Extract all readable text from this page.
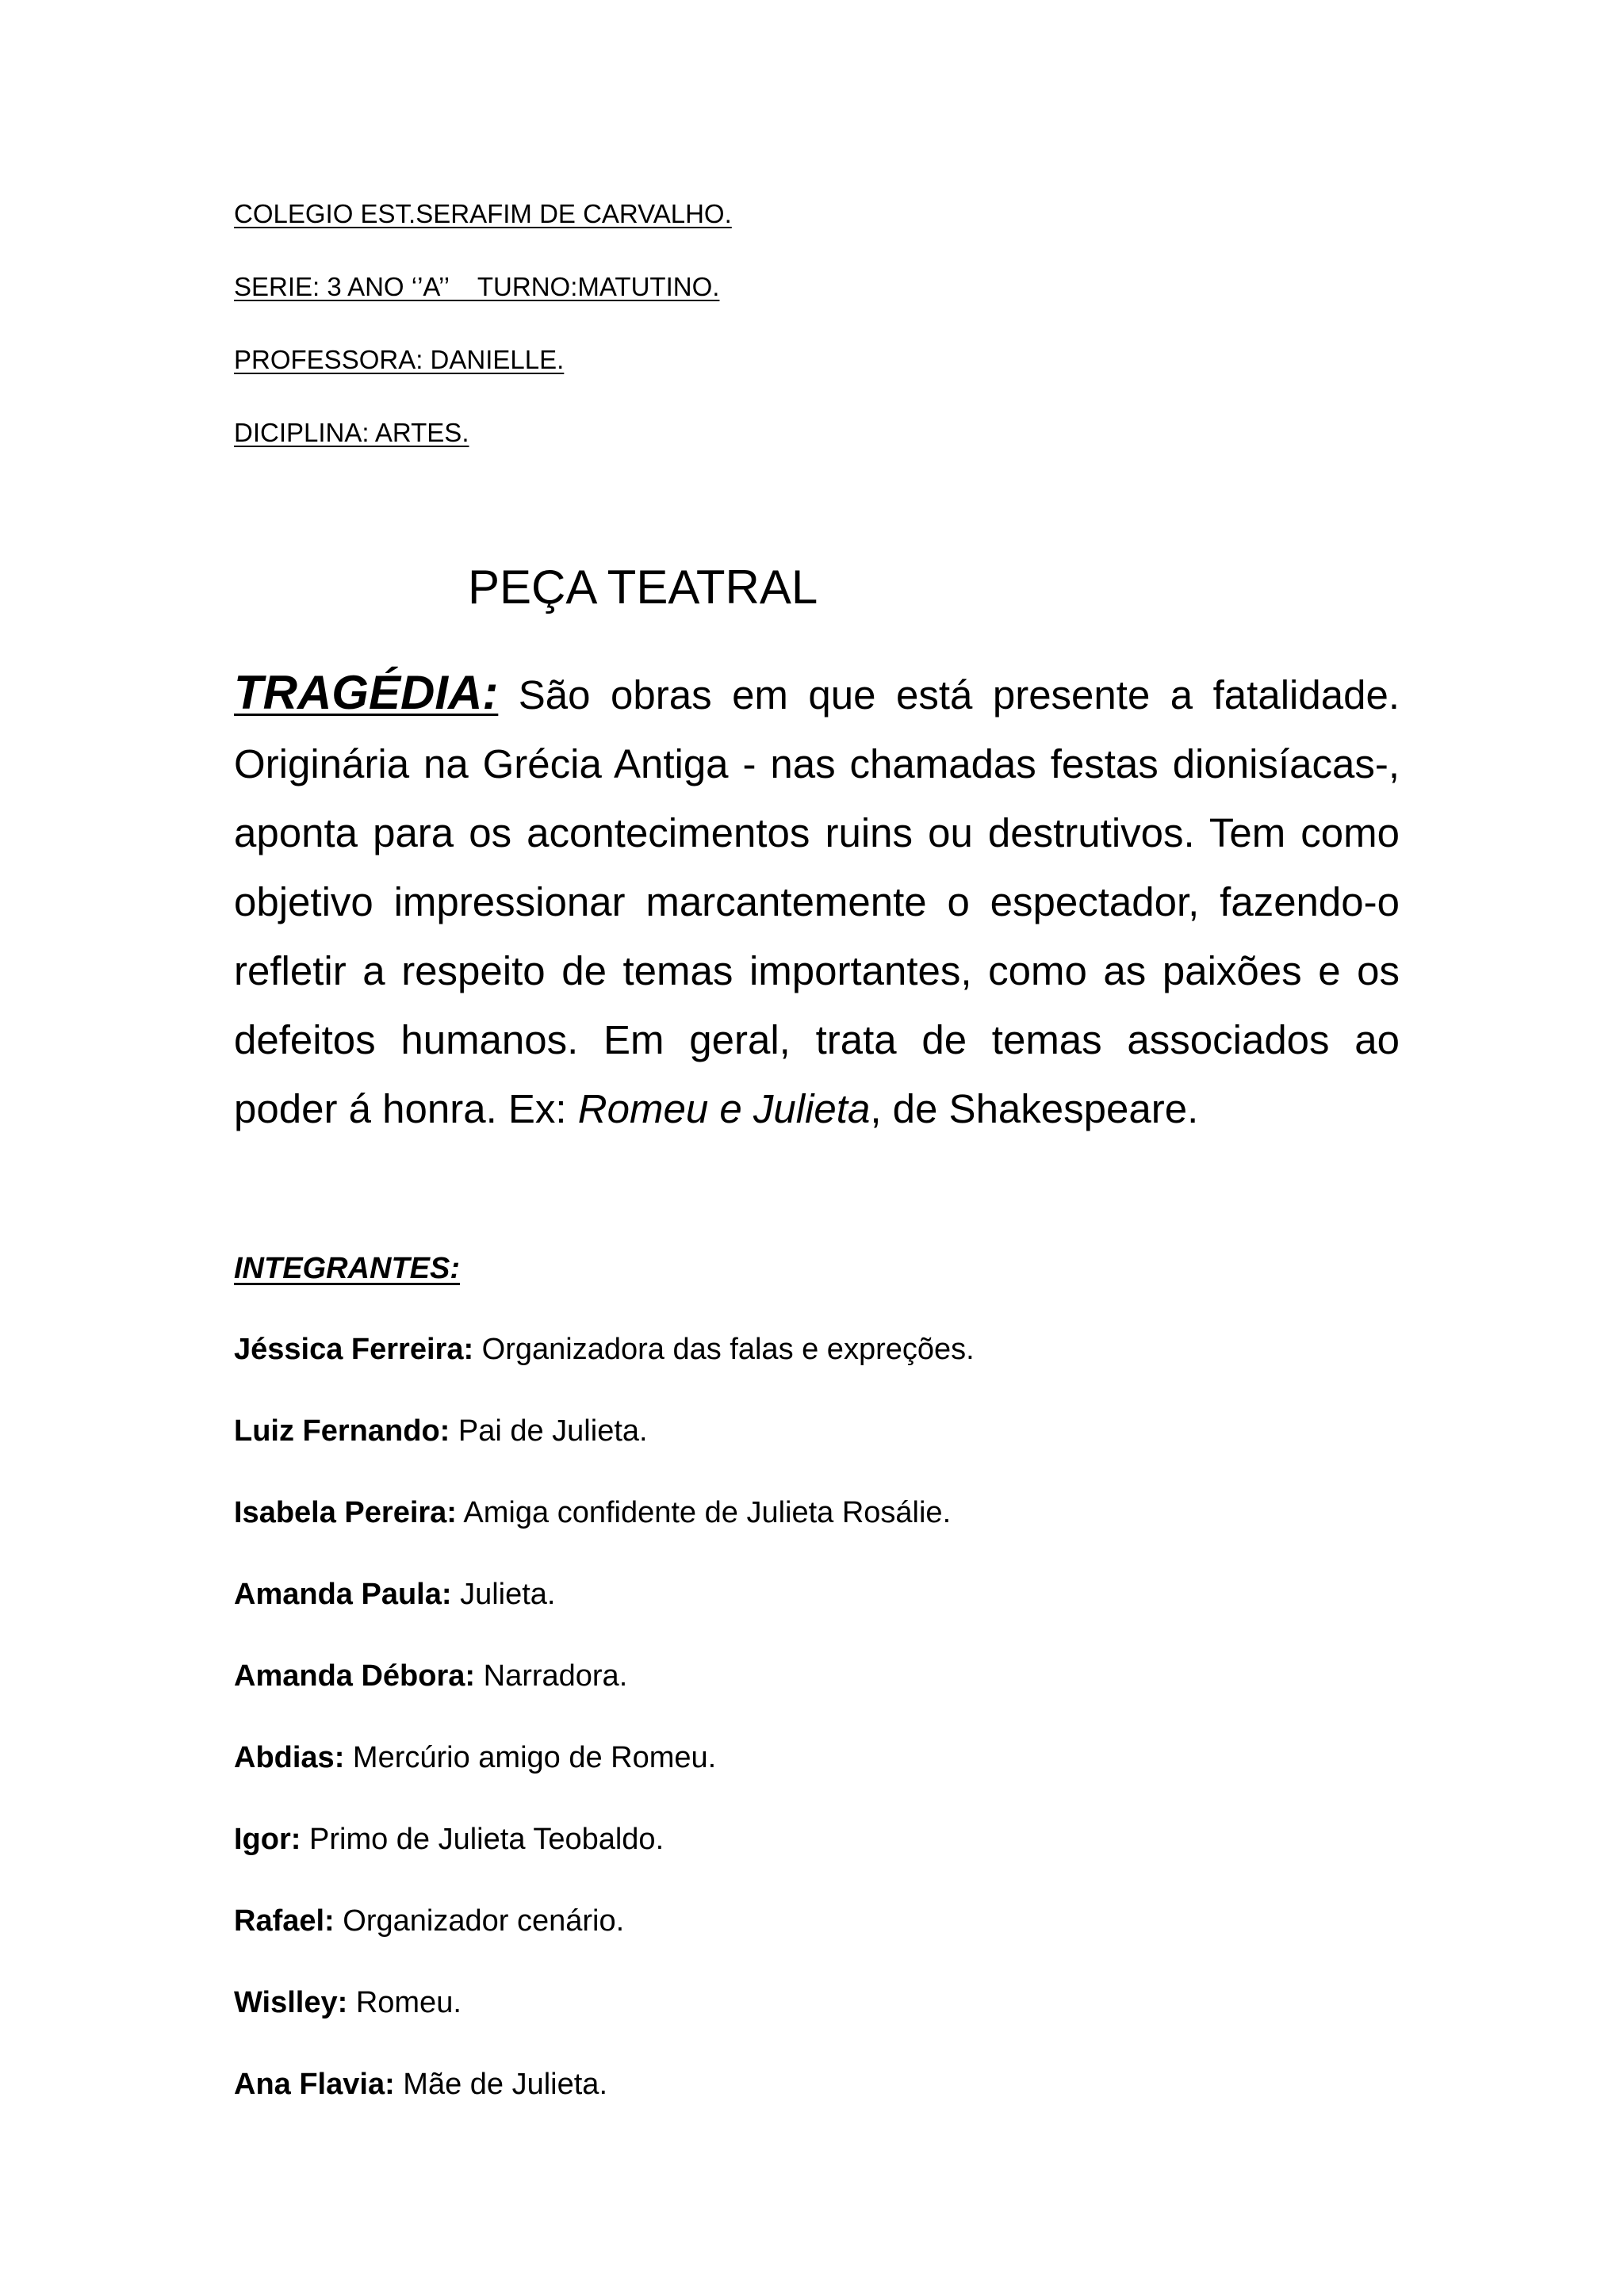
COLEGIO EST.SERAFIM DE CARVALHO.
SERIE: 3 ANO ‘’A’’    TURNO:MATUTINO.
PROFESSORA: DANIELLE.
DICIPLINA: ARTES.
PEÇA TEATRAL
TRAGÉDIA: São obras em que está presente a fatalidade. Originária na Grécia Antiga - nas chamadas festas dionisíacas-, aponta para os acontecimentos ruins ou destrutivos. Tem como objetivo impressionar marcantemente o espectador, fazendo-o refletir a respeito de temas importantes, como as paixões e os defeitos humanos. Em geral, trata de temas associados ao poder á honra. Ex: Romeu e Julieta, de Shakespeare.
INTEGRANTES:
Jéssica Ferreira: Organizadora das falas e expreções.
Luiz Fernando: Pai de Julieta.
Isabela Pereira: Amiga confidente de Julieta Rosálie.
Amanda Paula: Julieta.
Amanda Débora: Narradora.
Abdias: Mercúrio amigo de Romeu.
Igor: Primo de Julieta Teobaldo.
Rafael: Organizador cenário.
Wislley: Romeu.
Ana Flavia: Mãe de Julieta.
